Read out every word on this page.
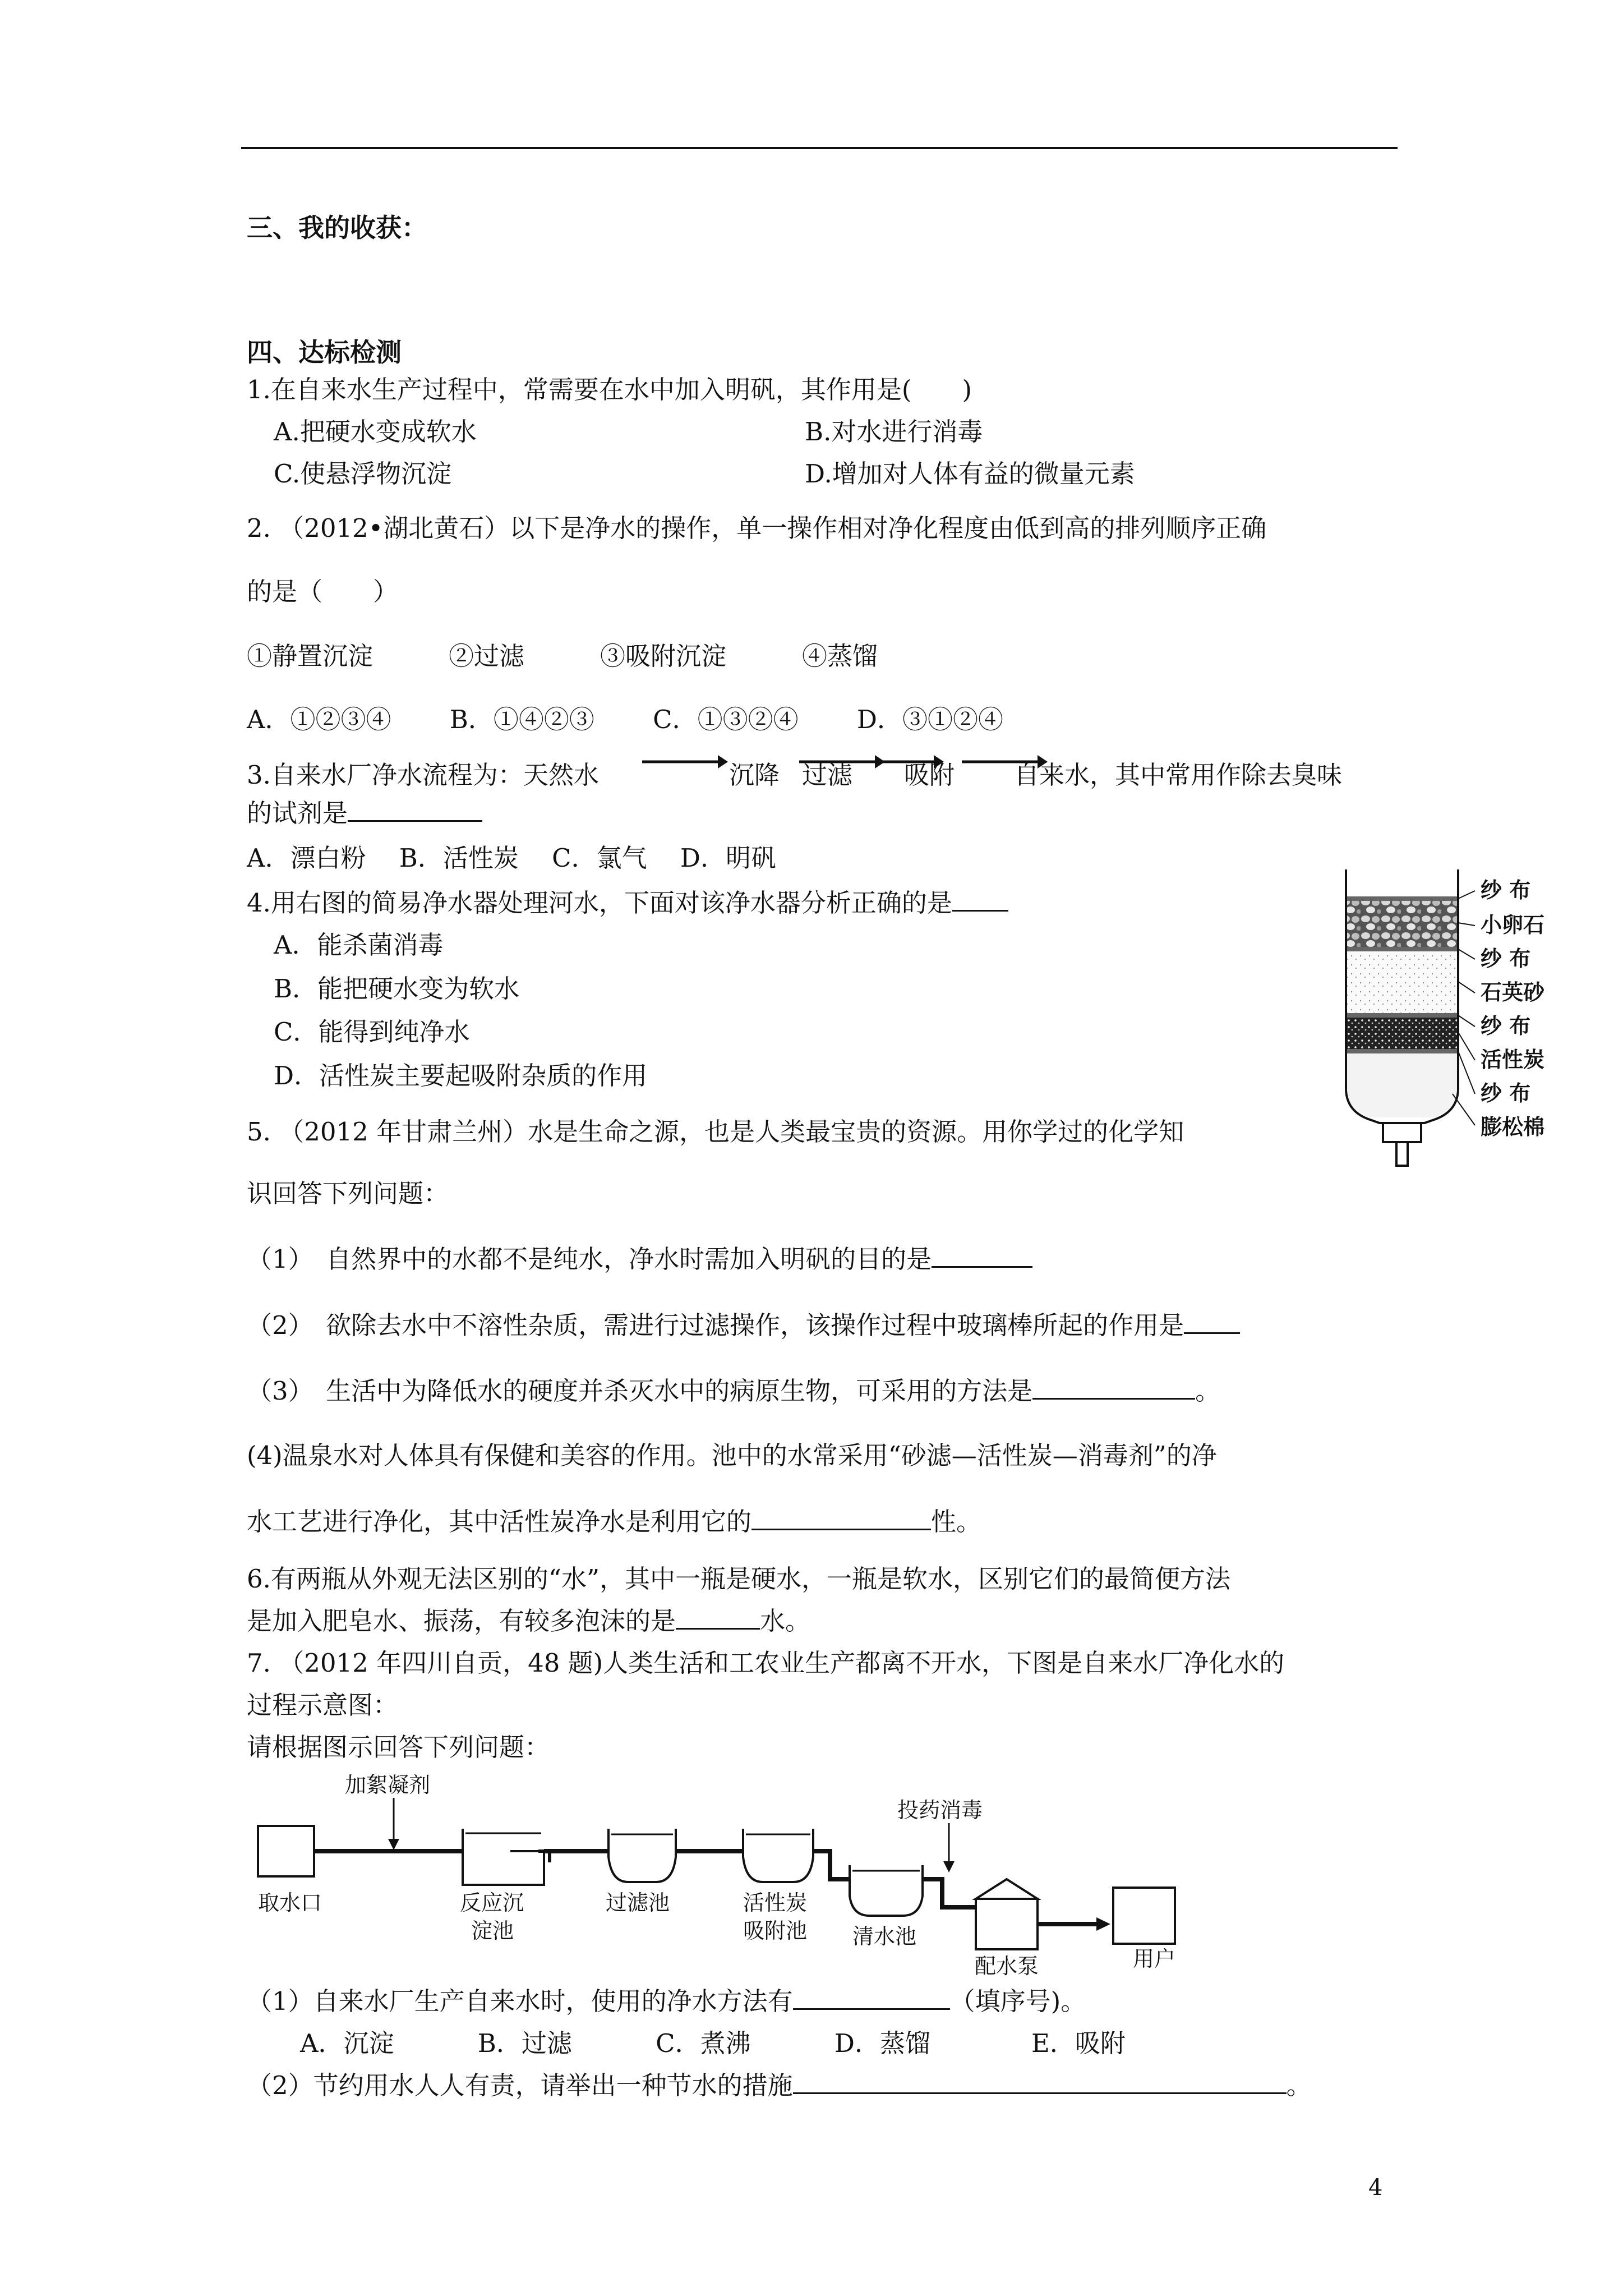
三、我的收获：
四、达标检测
1.在自来水生产过程中，常需要在水中加入明矾，其作用是(　　)
A.把硬水变成软水	B.对水进行消毒
C.使悬浮物沉淀	D.增加对人体有益的微量元素
2. （2012•湖北黄石）以下是净水的操作，单一操作相对净化程度由低到高的排列顺序正确
的是（　　）
①静置沉淀　　　②过滤　　　③吸附沉淀　　　④蒸馏
A．①②③④　　 B．①④②③　　 C．①③②④　　 D．③①②④
3.自来水厂净水流程为：天然水	沉降 过滤 吸附 自来水，其中常用作除去臭味
的试剂是
A．漂白粉　 B．活性炭　 C．氯气　 D．明矾
4.用右图的简易净水器处理河水，下面对该净水器分析正确的是
A．能杀菌消毒
B．能把硬水变为软水
C．能得到纯净水
D．活性炭主要起吸附杂质的作用
纱 布
小卵石
纱 布
石英砂
纱 布
活性炭
纱 布
膨松棉
5. （2012 年甘肃兰州）水是生命之源，也是人类最宝贵的资源。用你学过的化学知
识回答下列问题：
（1）　自然界中的水都不是纯水，净水时需加入明矾的目的是
（2）　欲除去水中不溶性杂质，需进行过滤操作，该操作过程中玻璃棒所起的作用是
（3）　生活中为降低水的硬度并杀灭水中的病原生物，可采用的方法是	。
(4)温泉水对人体具有保健和美容的作用。池中的水常采用“砂滤—活性炭—消毒剂”的净
水工艺进行净化，其中活性炭净水是利用它的	性。
6.有两瓶从外观无法区别的“水”，其中一瓶是硬水，一瓶是软水，区别它们的最简便方法
是加入肥皂水、振荡，有较多泡沫的是	水。
7. （2012 年四川自贡，48 题)人类生活和工农业生产都离不开水，下图是自来水厂净化水的
过程示意图：
请根据图示回答下列问题：
加絮凝剂
投药消毒
取水口	反应沉
淀池
过滤池	活性炭
吸附池 清水池
配水泵	用户
（1）自来水厂生产自来水时，使用的净水方法有	（填序号)。
A．沉淀　　　 B．过滤　　　 C．煮沸　　　 D．蒸馏　　　　E．吸附
（2）节约用水人人有责，请举出一种节水的措施	。
4
